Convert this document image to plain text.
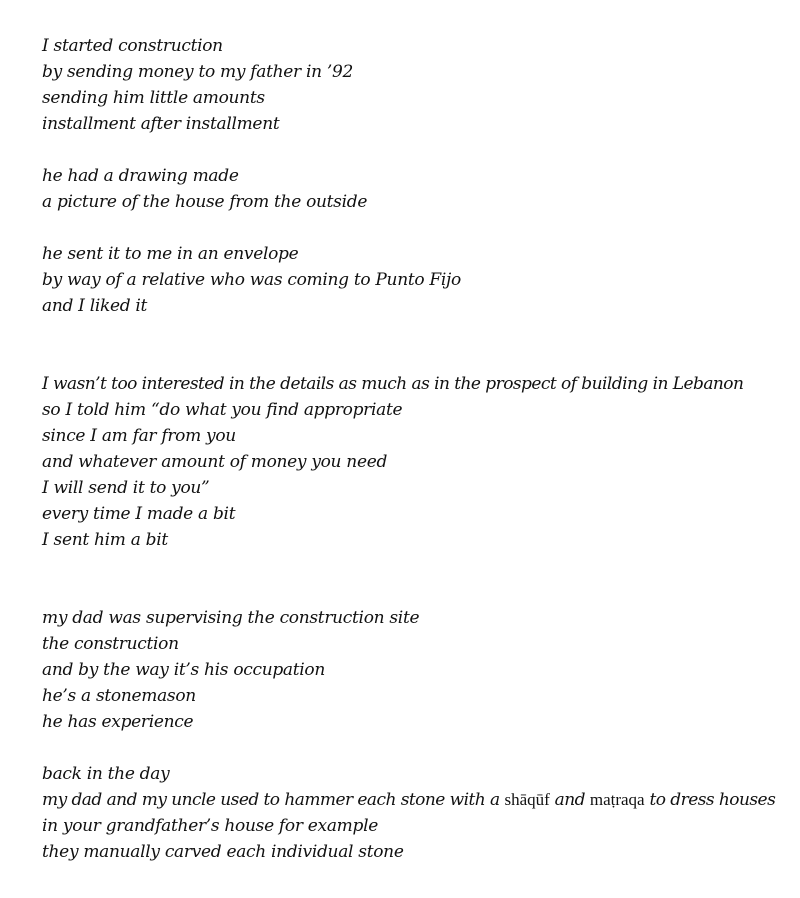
I started construction
by sending money to my father in ’92
sending him little amounts
installment after installment
he had a drawing made
a picture of the house from the outside
he sent it to me in an envelope
by way of a relative who was coming to Punto Fijo
and I liked it
I wasn’t too interested in the details as much as in the prospect of building in Lebanon
so I told him “do what you find appropriate
since I am far from you
and whatever amount of money you need
I will send it to you”
every time I made a bit
I sent him a bit
my dad was supervising the construction site
the construction
and by the way it’s his occupation
he’s a stonemason
he has experience
back in the day
my dad and my uncle used to hammer each stone with a shāqūf and maṭraqa to dress houses
in your grandfather’s house for example
they manually carved each individual stone
